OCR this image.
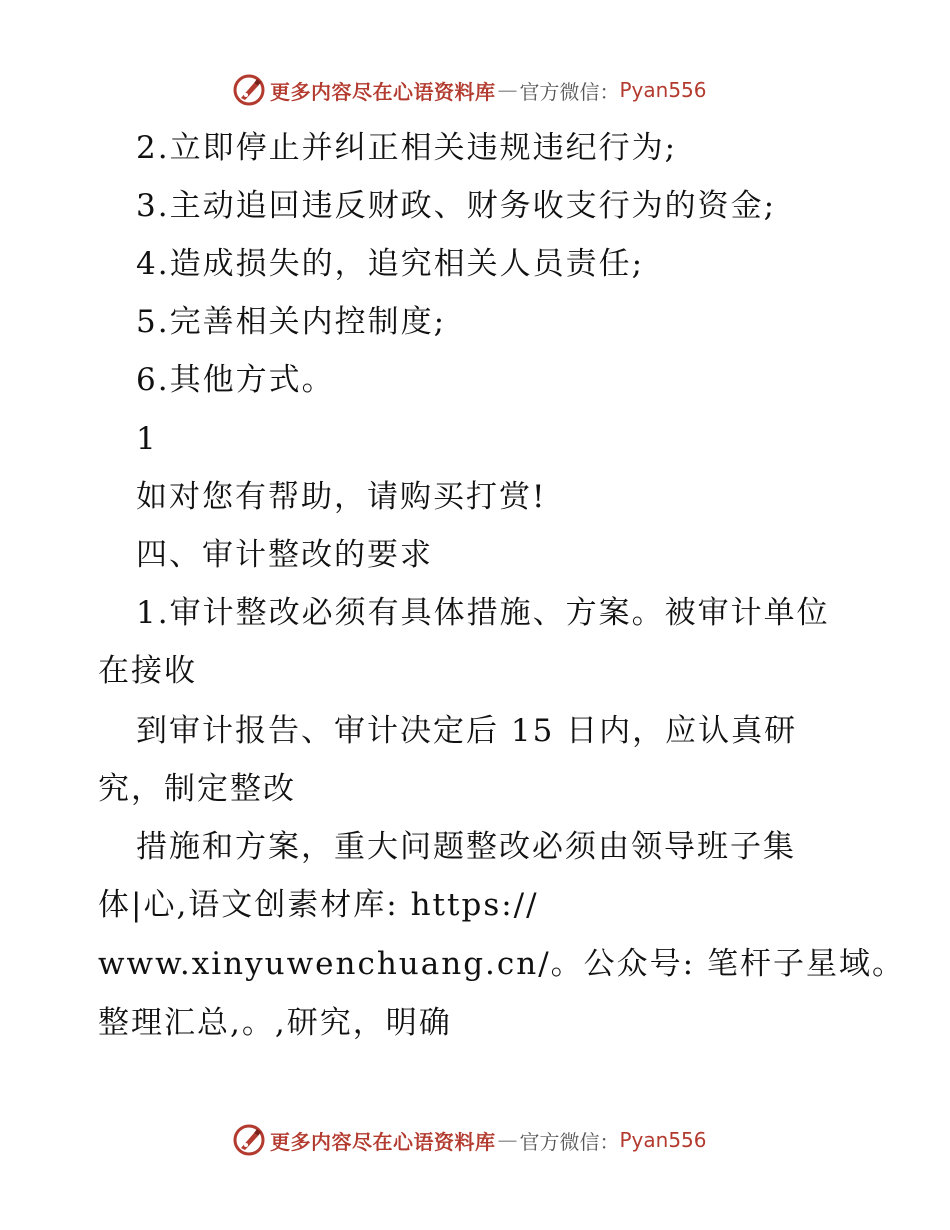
更多内容尽在心语资料库 — 官方微信： Pyan556
2.立即停止并纠正相关违规违纪行为;
3.主动追回违反财政、财务收支行为的资金;
4.造成损失的，追究相关人员责任;
5.完善相关内控制度;
6.其他方式。
1
如对您有帮助，请购买打赏!
四、审计整改的要求
1.审计整改必须有具体措施、方案。被审计单位
在接收
到审计报告、审计决定后 15 日内，应认真研
究，制定整改
措施和方案，重大问题整改必须由领导班子集
体|心,语文创素材库: https://
www.xinyuwenchuang.cn/。公众号: 笔杆子星域。
整理汇总,。,研究，明确
更多内容尽在心语资料库 — 官方微信： Pyan556
